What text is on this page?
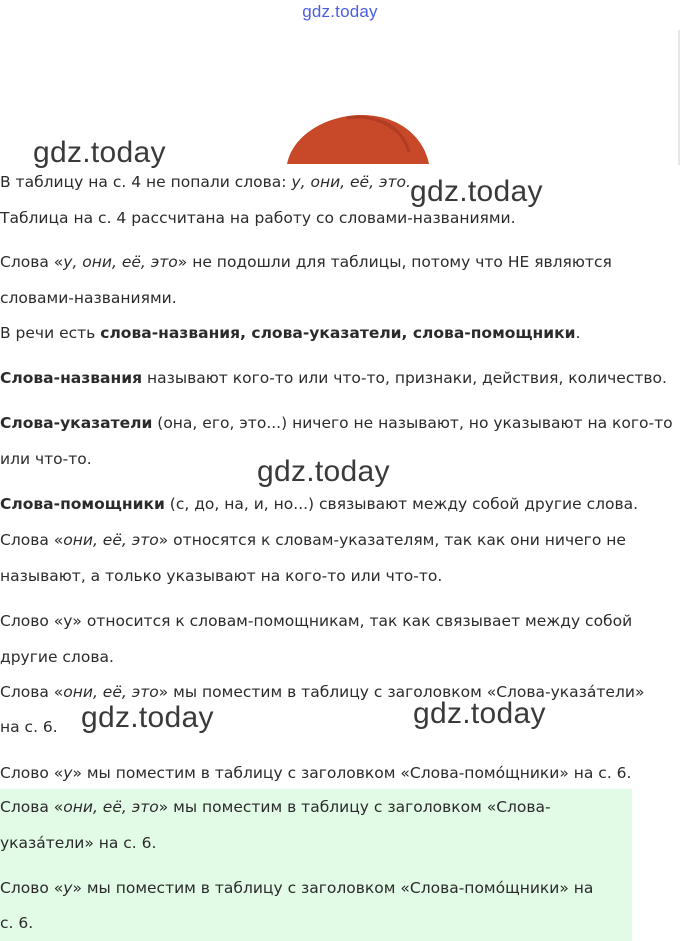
gdz.today
gdz.today
gdz.today
gdz.today
gdz.today	gdz.today
В таблицу на с. 4 не попали слова: у, они, её, это.
Таблица на с. 4 рассчитана на работу со словами-названиями.
Слова «у, они, её, это» не подошли для таблицы, потому что НЕ являются
словами-названиями.
В речи есть слова-названия, слова-указатели, слова-помощники.
Слова-названия называют кого-то или что-то, признаки, действия, количество.
Слова-указатели (она, его, это...) ничего не называют, но указывают на кого-то
или что-то.
Слова-помощники (с, до, на, и, но...) связывают между собой другие слова.
Слова «они, её, это» относятся к словам-указателям, так как они ничего не
называют, а только указывают на кого-то или что-то.
Слово «у» относится к словам-помощникам, так как связывает между собой
другие слова.
Слова «они, её, это» мы поместим в таблицу с заголовком «Слова-указа́тели»
на с. 6.
Слово «у» мы поместим в таблицу с заголовком «Слова-помо́щники» на с. 6.
Слова «они, её, это» мы поместим в таблицу с заголовком «Слова-
указа́тели» на с. 6.
Слово «у» мы поместим в таблицу с заголовком «Слова-помо́щники» на
с. 6.
